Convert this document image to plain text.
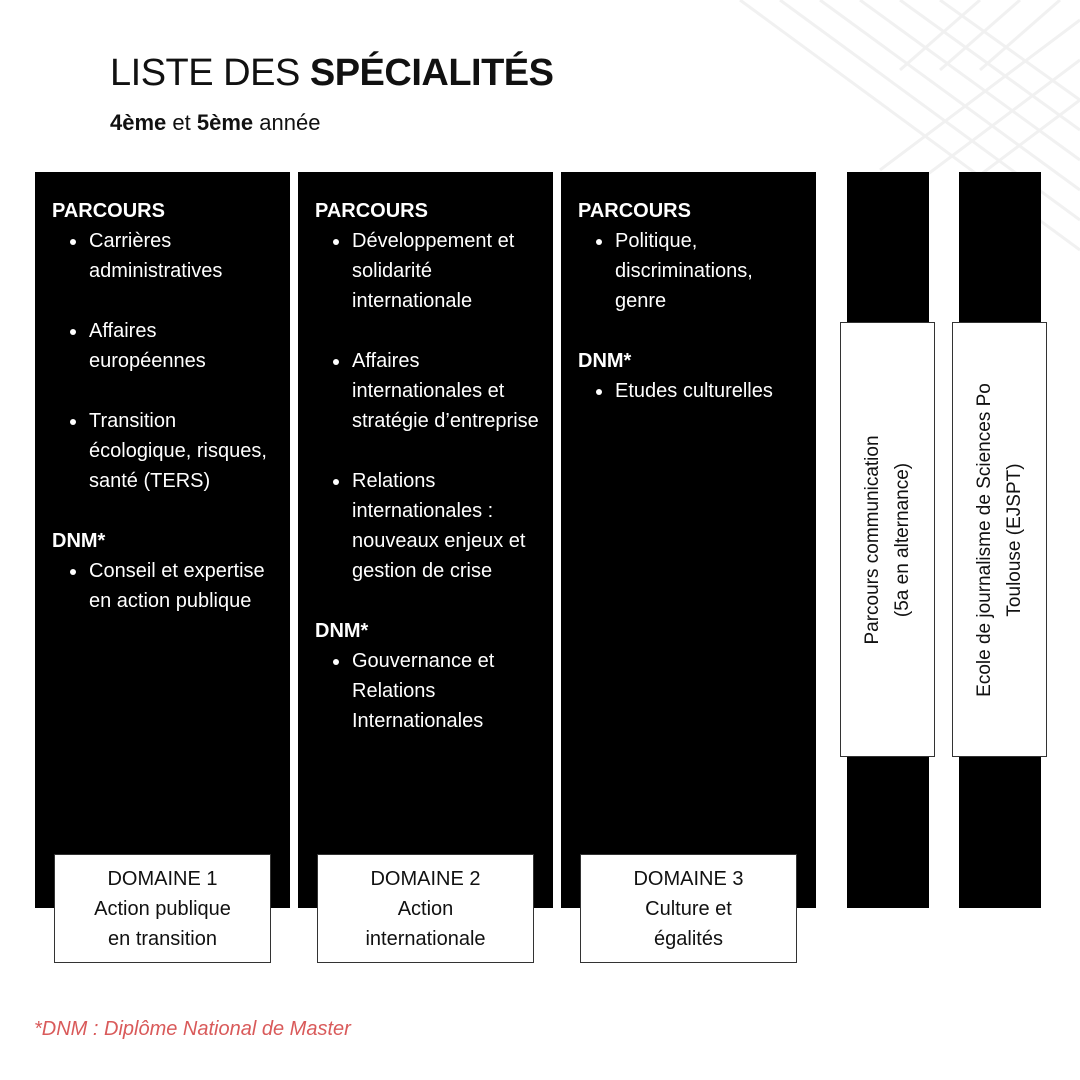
LISTE DES SPÉCIALITÉS
4ème et 5ème année
PARCOURS
Carrières administratives
Affaires européennes
Transition écologique, risques, santé (TERS)
DNM*
Conseil et expertise en action publique
PARCOURS
Développement et solidarité internationale
Affaires internationales et stratégie d’entreprise
Relations internationales : nouveaux enjeux et gestion de crise
DNM*
Gouvernance et Relations Internationales
PARCOURS
Politique, discriminations, genre
DNM*
Etudes culturelles
DOMAINE 1
Action publique
en transition
DOMAINE 2
Action
internationale
DOMAINE 3
Culture et
égalités
Parcours communication (5a en alternance)	Ecole de journalisme de Sciences Po Toulouse (EJSPT)
*DNM : Diplôme National de Master
